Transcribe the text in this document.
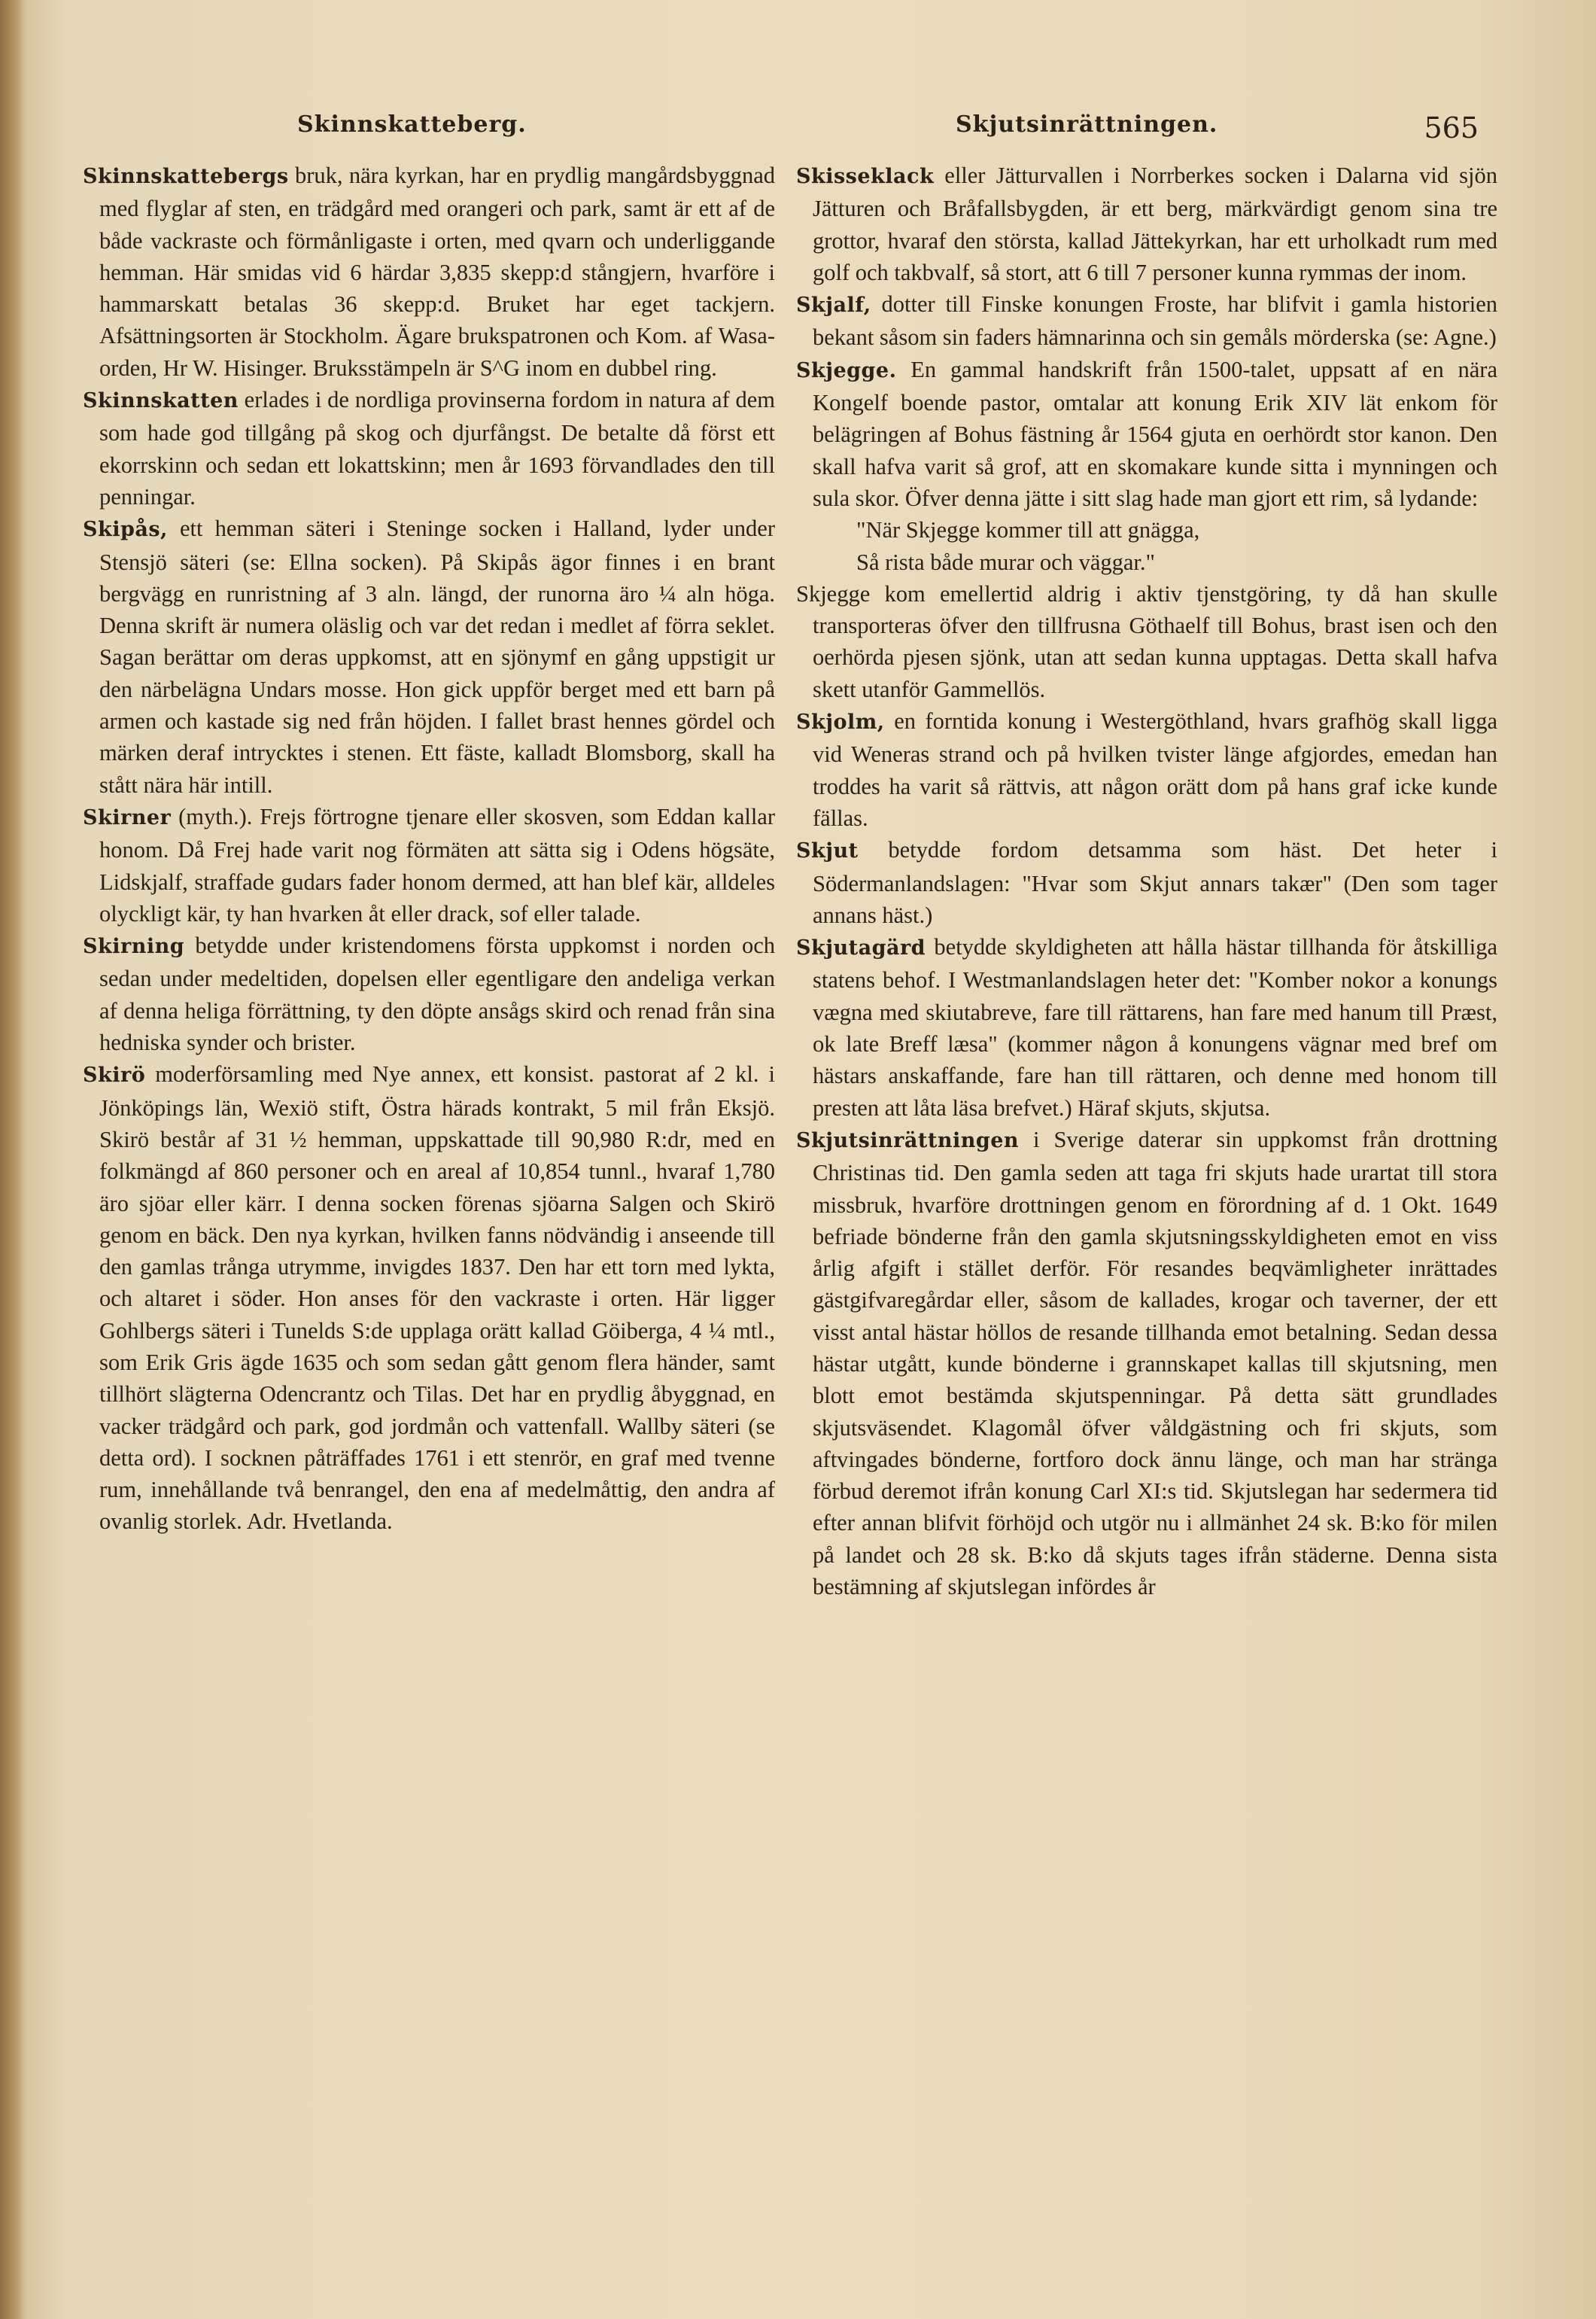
Skinnskatteberg.	Skjutsinrättningen.	565

Skinnskattebergs bruk, nära kyrkan, har en prydlig mangårdsbyggnad med flyglar af sten, en trädgård med orangeri och park, samt är ett af de både vackraste och förmånligaste i orten, med qvarn och underliggande hemman. Här smidas vid 6 härdar 3,835 skepp:d stångjern, hvarföre i hammarskatt betalas 36 skepp:d. Bruket har eget tackjern. Afsättningsorten är Stockholm. Ägare brukspatronen och Kom. af Wasa-orden, Hr W. Hisinger. Bruksstämpeln är S^G inom en dubbel ring.

Skinnskatten erlades i de nordliga provinserna fordom in natura af dem som hade god tillgång på skog och djurfångst. De betalte då först ett ekorrskinn och sedan ett lokattskinn; men år 1693 förvandlades den till penningar.

Skipås, ett hemman säteri i Steninge socken i Halland, lyder under Stensjö säteri (se: Ellna socken). På Skipås ägor finnes i en brant bergvägg en runristning af 3 aln. längd, der runorna äro ¼ aln höga. Denna skrift är numera oläslig och var det redan i medlet af förra seklet. Sagan berättar om deras uppkomst, att en sjönymf en gång uppstigit ur den närbelägna Undars mosse. Hon gick uppför berget med ett barn på armen och kastade sig ned från höjden. I fallet brast hennes gördel och märken deraf intrycktes i stenen. Ett fäste, kalladt Blomsborg, skall ha stått nära här intill.

Skirner (myth.). Frejs förtrogne tjenare eller skosven, som Eddan kallar honom. Då Frej hade varit nog förmäten att sätta sig i Odens högsäte, Lidskjalf, straffade gudars fader honom dermed, att han blef kär, alldeles olyckligt kär, ty han hvarken åt eller drack, sof eller talade.

Skirning betydde under kristendomens första uppkomst i norden och sedan under medeltiden, dopelsen eller egentligare den andeliga verkan af denna heliga förrättning, ty den döpte ansågs skird och renad från sina hedniska synder och brister.

Skirö moderförsamling med Nye annex, ett konsist. pastorat af 2 kl. i Jönköpings län, Wexiö stift, Östra härads kontrakt, 5 mil från Eksjö. Skirö består af 31 ½ hemman, uppskattade till 90,980 R:dr, med en folkmängd af 860 personer och en areal af 10,854 tunnl., hvaraf 1,780 äro sjöar eller kärr. I denna socken förenas sjöarna Salgen och Skirö genom en bäck. Den nya kyrkan, hvilken fanns nödvändig i anseende till den gamlas trånga utrymme, invigdes 1837. Den har ett torn med lykta, och altaret i söder. Hon anses för den vackraste i orten. Här ligger Gohlbergs säteri i Tunelds S:de upplaga orätt kallad Göiberga, 4 ¼ mtl., som Erik Gris ägde 1635 och som sedan gått genom flera händer, samt tillhört slägterna Odencrantz och Tilas. Det har en prydlig åbyggnad, en vacker trädgård och park, god jordmån och vattenfall. Wallby säteri (se detta ord). I socknen påträffades 1761 i ett stenrör, en graf med tvenne rum, innehållande två benrangel, den ena af medelmåttig, den andra af ovanlig storlek. Adr. Hvetlanda.

Skisseklack eller Jätturvallen i Norrberkes socken i Dalarna vid sjön Jätturen och Bråfallsbygden, är ett berg, märkvärdigt genom sina tre grottor, hvaraf den största, kallad Jättekyrkan, har ett urholkadt rum med golf och takbvalf, så stort, att 6 till 7 personer kunna rymmas der inom.

Skjalf, dotter till Finske konungen Froste, har blifvit i gamla historien bekant såsom sin faders hämnarinna och sin gemåls mörderska (se: Agne.)

Skjegge. En gammal handskrift från 1500-talet, uppsatt af en nära Kongelf boende pastor, omtalar att konung Erik XIV lät enkom för belägringen af Bohus fästning år 1564 gjuta en oerhördt stor kanon. Den skall hafva varit så grof, att en skomakare kunde sitta i mynningen och sula skor. Öfver denna jätte i sitt slag hade man gjort ett rim, så lydande:

"När Skjegge kommer till att gnägga,
Så rista både murar och väggar."

Skjegge kom emellertid aldrig i aktiv tjenstgöring, ty då han skulle transporteras öfver den tillfrusna Göthaelf till Bohus, brast isen och den oerhörda pjesen sjönk, utan att sedan kunna upptagas. Detta skall hafva skett utanför Gammellös.

Skjolm, en forntida konung i Westergöthland, hvars grafhög skall ligga vid Weneras strand och på hvilken tvister länge afgjordes, emedan han troddes ha varit så rättvis, att någon orätt dom på hans graf icke kunde fällas.

Skjut betydde fordom detsamma som häst. Det heter i Södermanlandslagen: "Hvar som Skjut annars takær" (Den som tager annans häst.)

Skjutagärd betydde skyldigheten att hålla hästar tillhanda för åtskilliga statens behof. I Westmanlandslagen heter det: "Komber nokor a konungs vægna med skiutabreve, fare till rättarens, han fare med hanum till Præst, ok late Breff læsa" (kommer någon å konungens vägnar med bref om hästars anskaffande, fare han till rättaren, och denne med honom till presten att låta läsa brefvet.) Häraf skjuts, skjutsa.

Skjutsinrättningen i Sverige daterar sin uppkomst från drottning Christinas tid. Den gamla seden att taga fri skjuts hade urartat till stora missbruk, hvarföre drottningen genom en förordning af d. 1 Okt. 1649 befriade bönderne från den gamla skjutsningsskyldigheten emot en viss årlig afgift i stället derför. För resandes beqvämligheter inrättades gästgifvaregårdar eller, såsom de kallades, krogar och taverner, der ett visst antal hästar höllos de resande tillhanda emot betalning. Sedan dessa hästar utgått, kunde bönderne i grannskapet kallas till skjutsning, men blott emot bestämda skjutspenningar. På detta sätt grundlades skjutsväsendet. Klagomål öfver våldgästning och fri skjuts, som aftvingades bönderne, fortforo dock ännu länge, och man har stränga förbud deremot ifrån konung Carl XI:s tid. Skjutslegan har sedermera tid efter annan blifvit förhöjd och utgör nu i allmänhet 24 sk. B:ko för milen på landet och 28 sk. B:ko då skjuts tages ifrån städerne. Denna sista bestämning af skjutslegan infördes år
